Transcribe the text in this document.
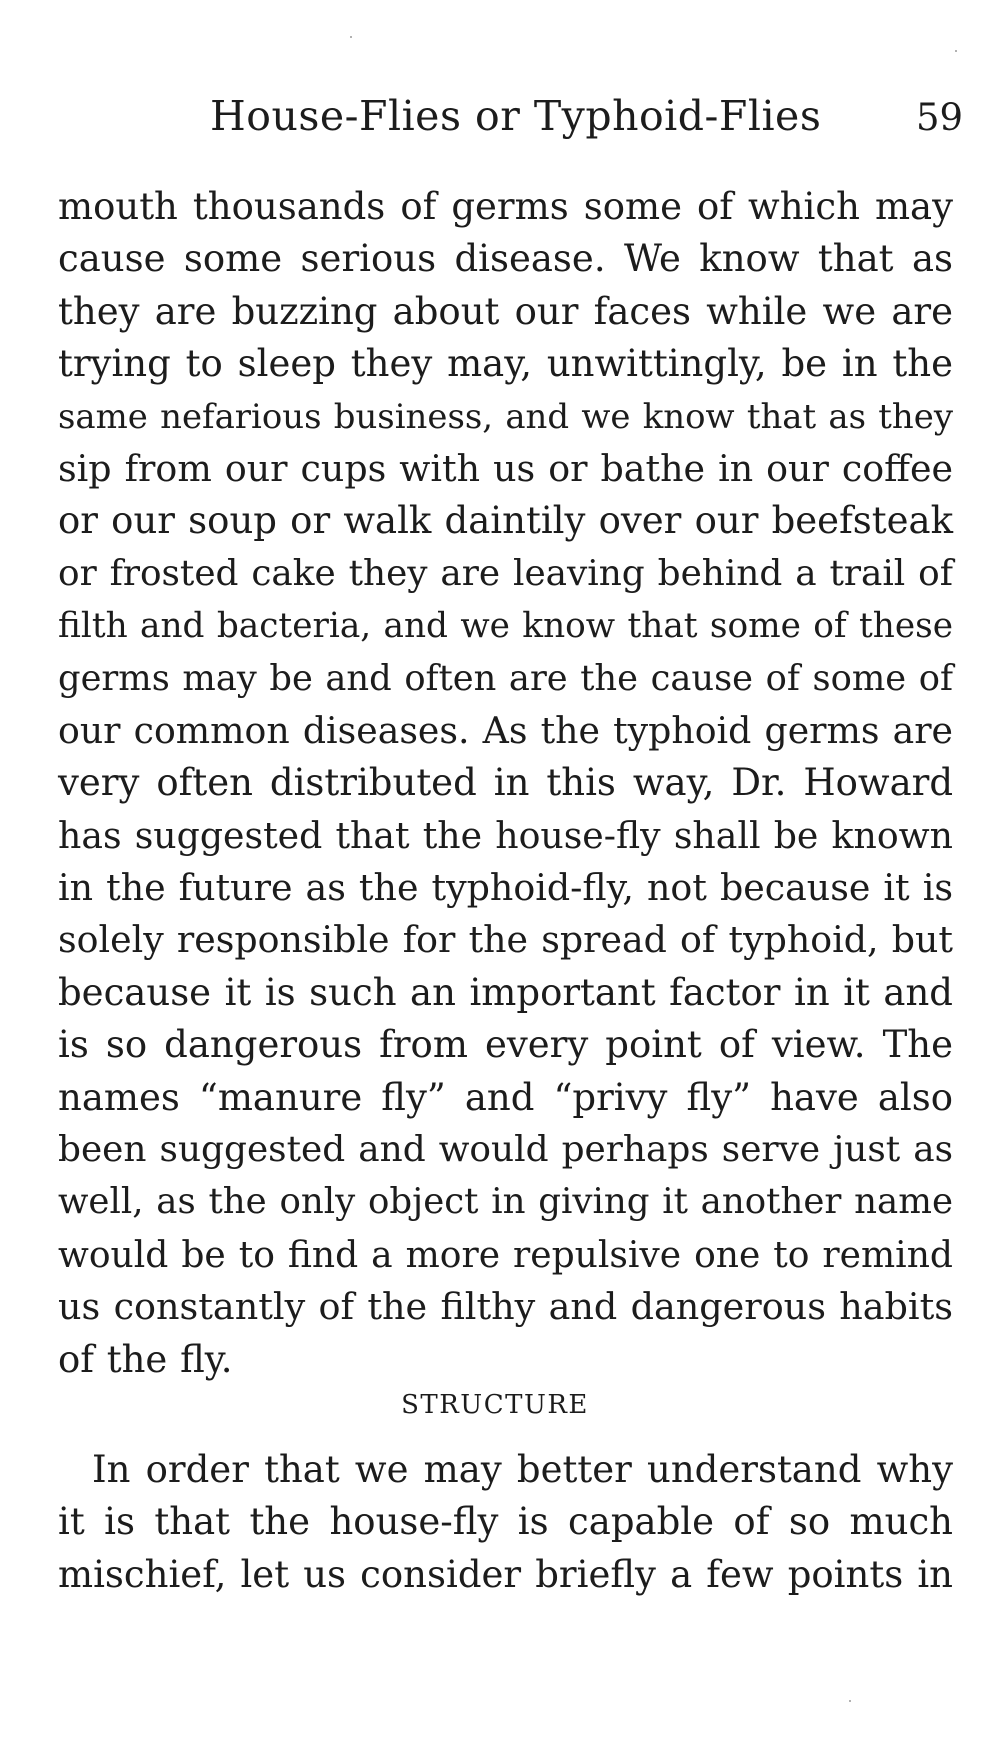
House-Flies or Typhoid-Flies	59
mouth thousands of germs some of which may
cause some serious disease. We know that as
they are buzzing about our faces while we are
trying to sleep they may, unwittingly, be in the
same nefarious business, and we know that as they
sip from our cups with us or bathe in our coffee
or our soup or walk daintily over our beefsteak
or frosted cake they are leaving behind a trail of
filth and bacteria, and we know that some of these
germs may be and often are the cause of some of
our common diseases. As the typhoid germs are
very often distributed in this way, Dr. Howard
has suggested that the house-fly shall be known
in the future as the typhoid-fly, not because it is
solely responsible for the spread of typhoid, but
because it is such an important factor in it and
is so dangerous from every point of view. The
names “manure fly” and “privy fly” have also
been suggested and would perhaps serve just as
well, as the only object in giving it another name
would be to find a more repulsive one to remind
us constantly of the filthy and dangerous habits
of the fly.
STRUCTURE
In order that we may better understand why
it is that the house-fly is capable of so much
mischief, let us consider briefly a few points in
